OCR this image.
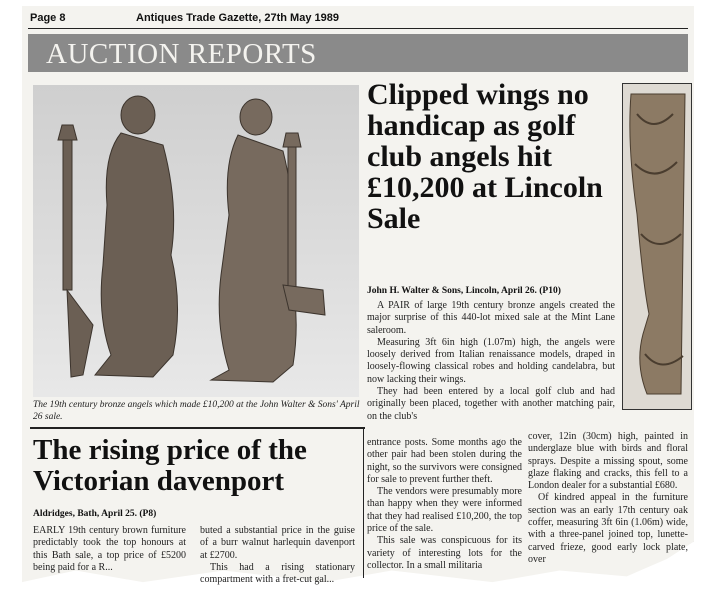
Page 8	Antiques Trade Gazette, 27th May 1989
AUCTION REPORTS
The 19th century bronze angels which made £10,200 at the John Walter & Sons' April 26 sale.
Clipped wings no handicap as golf club angels hit £10,200 at Lincoln Sale
John H. Walter & Sons, Lincoln, April 26. (P10)

A PAIR of large 19th century bronze angels created the major surprise of this 440-lot mixed sale at the Mint Lane saleroom.

Measuring 3ft 6in high (1.07m) high, the angels were loosely derived from Italian renaissance models, draped in loosely-flowing classical robes and holding candelabra, but now lacking their wings.

They had been entered by a local golf club and had originally been placed, together with another matching pair, on the club's

entrance posts. Some months ago the other pair had been stolen during the night, so the survivors were consigned for sale to prevent further theft.

The vendors were presumably more than happy when they were informed that they had realised £10,200, the top price of the sale.

This sale was conspicuous for its variety of interesting lots for the collector. In a small militaria

cover, 12in (30cm) high, painted in underglaze blue with birds and floral sprays. Despite a missing spout, some glaze flaking and cracks, this fell to a London dealer for a substantial £680.

Of kindred appeal in the furniture section was an early 17th century oak coffer, measuring 3ft 6in (1.06m) wide, with a three-panel joined top, lunette-carved frieze, good early lock plate, over

The rising price of the Victorian davenport
Aldridges, Bath, April 25. (P8)

EARLY 19th century brown furniture predictably took the top honours at this Bath sale, a top price of £5200 being paid for a R...

buted a substantial price in the guise of a burr walnut harlequin davenport at £2700.

This had a rising stationary compartment with a fret-cut gal...
